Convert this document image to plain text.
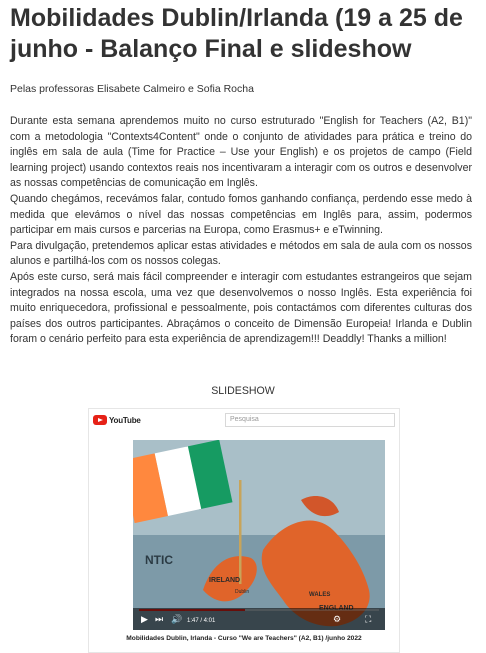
Mobilidades Dublin/Irlanda (19 a 25 de junho - Balanço Final e slideshow
Pelas professoras Elisabete Calmeiro e Sofia Rocha

Durante esta semana aprendemos muito no curso estruturado "English for Teachers (A2, B1)" com a metodologia "Contexts4Content" onde o conjunto de atividades para prática e treino do inglês em sala de aula (Time for Practice – Use your English) e os projetos de campo (Field learning project) usando contextos reais nos incentivaram a interagir com os outros e desenvolver as nossas competências de comunicação em Inglês.

Quando chegámos, recevámos falar, contudo fomos ganhando confiança, perdendo esse medo à medida que elevámos o nível das nossas competências em Inglês para, assim, podermos participar em mais cursos e parcerias na Europa, como Erasmus+ e eTwinning.

Para divulgação, pretendemos aplicar estas atividades e métodos em sala de aula com os nossos alunos e partilhá-los com os nossos colegas.

Após este curso, será mais fácil compreender e interagir com estudantes estrangeiros que sejam integrados na nossa escola, uma vez que desenvolvemos o nosso Inglês. Esta experiência foi muito enriquecedora, profissional e pessoalmente, pois contactámos com diferentes culturas dos países dos outros participantes. Abraçámos o conceito de Dimensão Europeia! Irlanda e Dublin foram o cenário perfeito para esta experiência de aprendizagem!!! Deaddly! Thanks a million!

SLIDESHOW
YouTube	Pesquisa
NTIC
IRELAND
Dublin	WALES
▶ ⏭ 🔊 1:47 / 4:01	⚙	⛶
Mobilidades Dublin, Irlanda - Curso "We are Teachers" (A2, B1) /junho 2022
